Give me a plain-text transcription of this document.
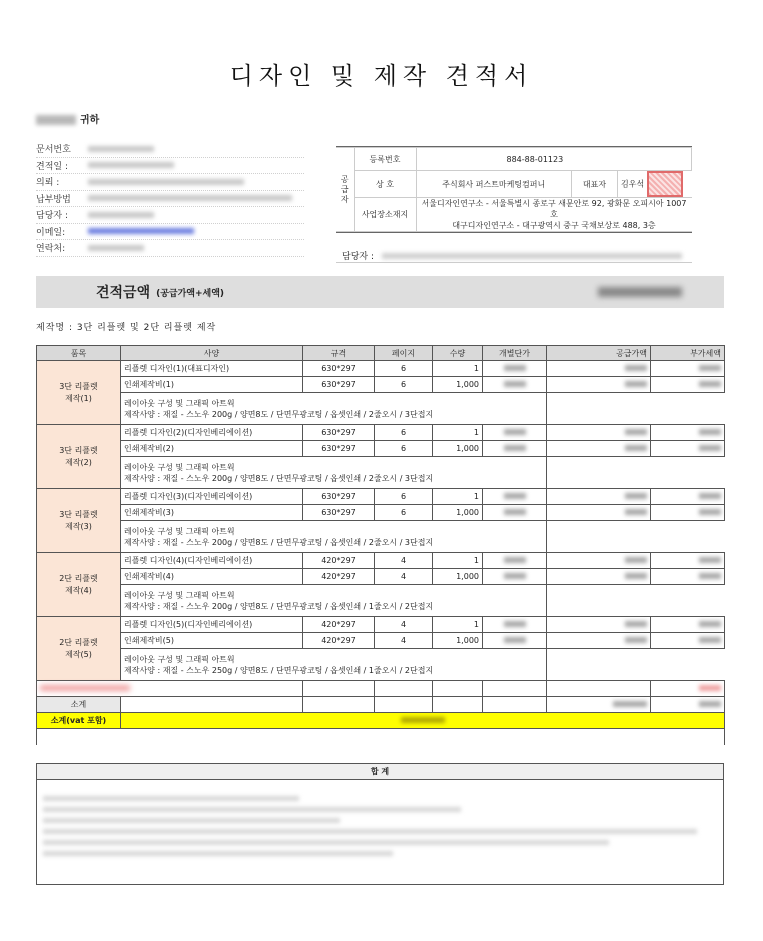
디자인 및 제작 견적서
귀하
문서번호
견적일 :
의뢰 :
납부방법
담당자 :
이메일:
연락처:
공
급
자	등록번호	884-88-01123		
	상 호	주식회사 퍼스트마케팅컴퍼니	대표자	김우석
	사업장소재지	서울디자인연구소 - 서울특별시 종로구 새문안로 92, 광화문 오피시아 1007호
대구디자인연구소 - 대구광역시 중구 국채보상로 488, 3층		
담당자 :
견적금액 (공급가액+세액)
제작명 : 3단 리플렛 및 2단 리플렛 제작
품목	사양	규격	페이지	수량	개별단가	공급가액	부가세액
3단 리플렛
제작(1)	리플렛 디자인(1)(대표디자인)	630*297	6	1			
	인쇄제작비(1)	630*297	6	1,000			

	레이아웃 구성 및 그래픽 아트웍
제작사양 : 재질 - 스노우 200g / 양면8도 / 단면무광코팅 / 옵셋인쇄 / 2줄오시 / 3단접지						

3단 리플렛
제작(2)	리플렛 디자인(2)(디자인베리에이션)	630*297	6	1			
	인쇄제작비(2)	630*297	6	1,000			

	레이아웃 구성 및 그래픽 아트웍
제작사양 : 재질 - 스노우 200g / 양면8도 / 단면무광코팅 / 옵셋인쇄 / 2줄오시 / 3단접지						

3단 리플렛
제작(3)	리플렛 디자인(3)(디자인베리에이션)	630*297	6	1			
	인쇄제작비(3)	630*297	6	1,000			

	레이아웃 구성 및 그래픽 아트웍
제작사양 : 재질 - 스노우 200g / 양면8도 / 단면무광코팅 / 옵셋인쇄 / 2줄오시 / 3단접지						

2단 리플렛
제작(4)	리플렛 디자인(4)(디자인베리에이션)	420*297	4	1			
	인쇄제작비(4)	420*297	4	1,000			

	레이아웃 구성 및 그래픽 아트웍
제작사양 : 재질 - 스노우 200g / 양면8도 / 단면무광코팅 / 옵셋인쇄 / 1줄오시 / 2단접지						

2단 리플렛
제작(5)	리플렛 디자인(5)(디자인베리에이션)	420*297	4	1			
	인쇄제작비(5)	420*297	4	1,000			

	레이아웃 구성 및 그래픽 아트웍
제작사양 : 재질 - 스노우 250g / 양면8도 / 단면무광코팅 / 옵셋인쇄 / 1줄오시 / 2단접지						

소계							
소계(vat 포함)							

합 계
